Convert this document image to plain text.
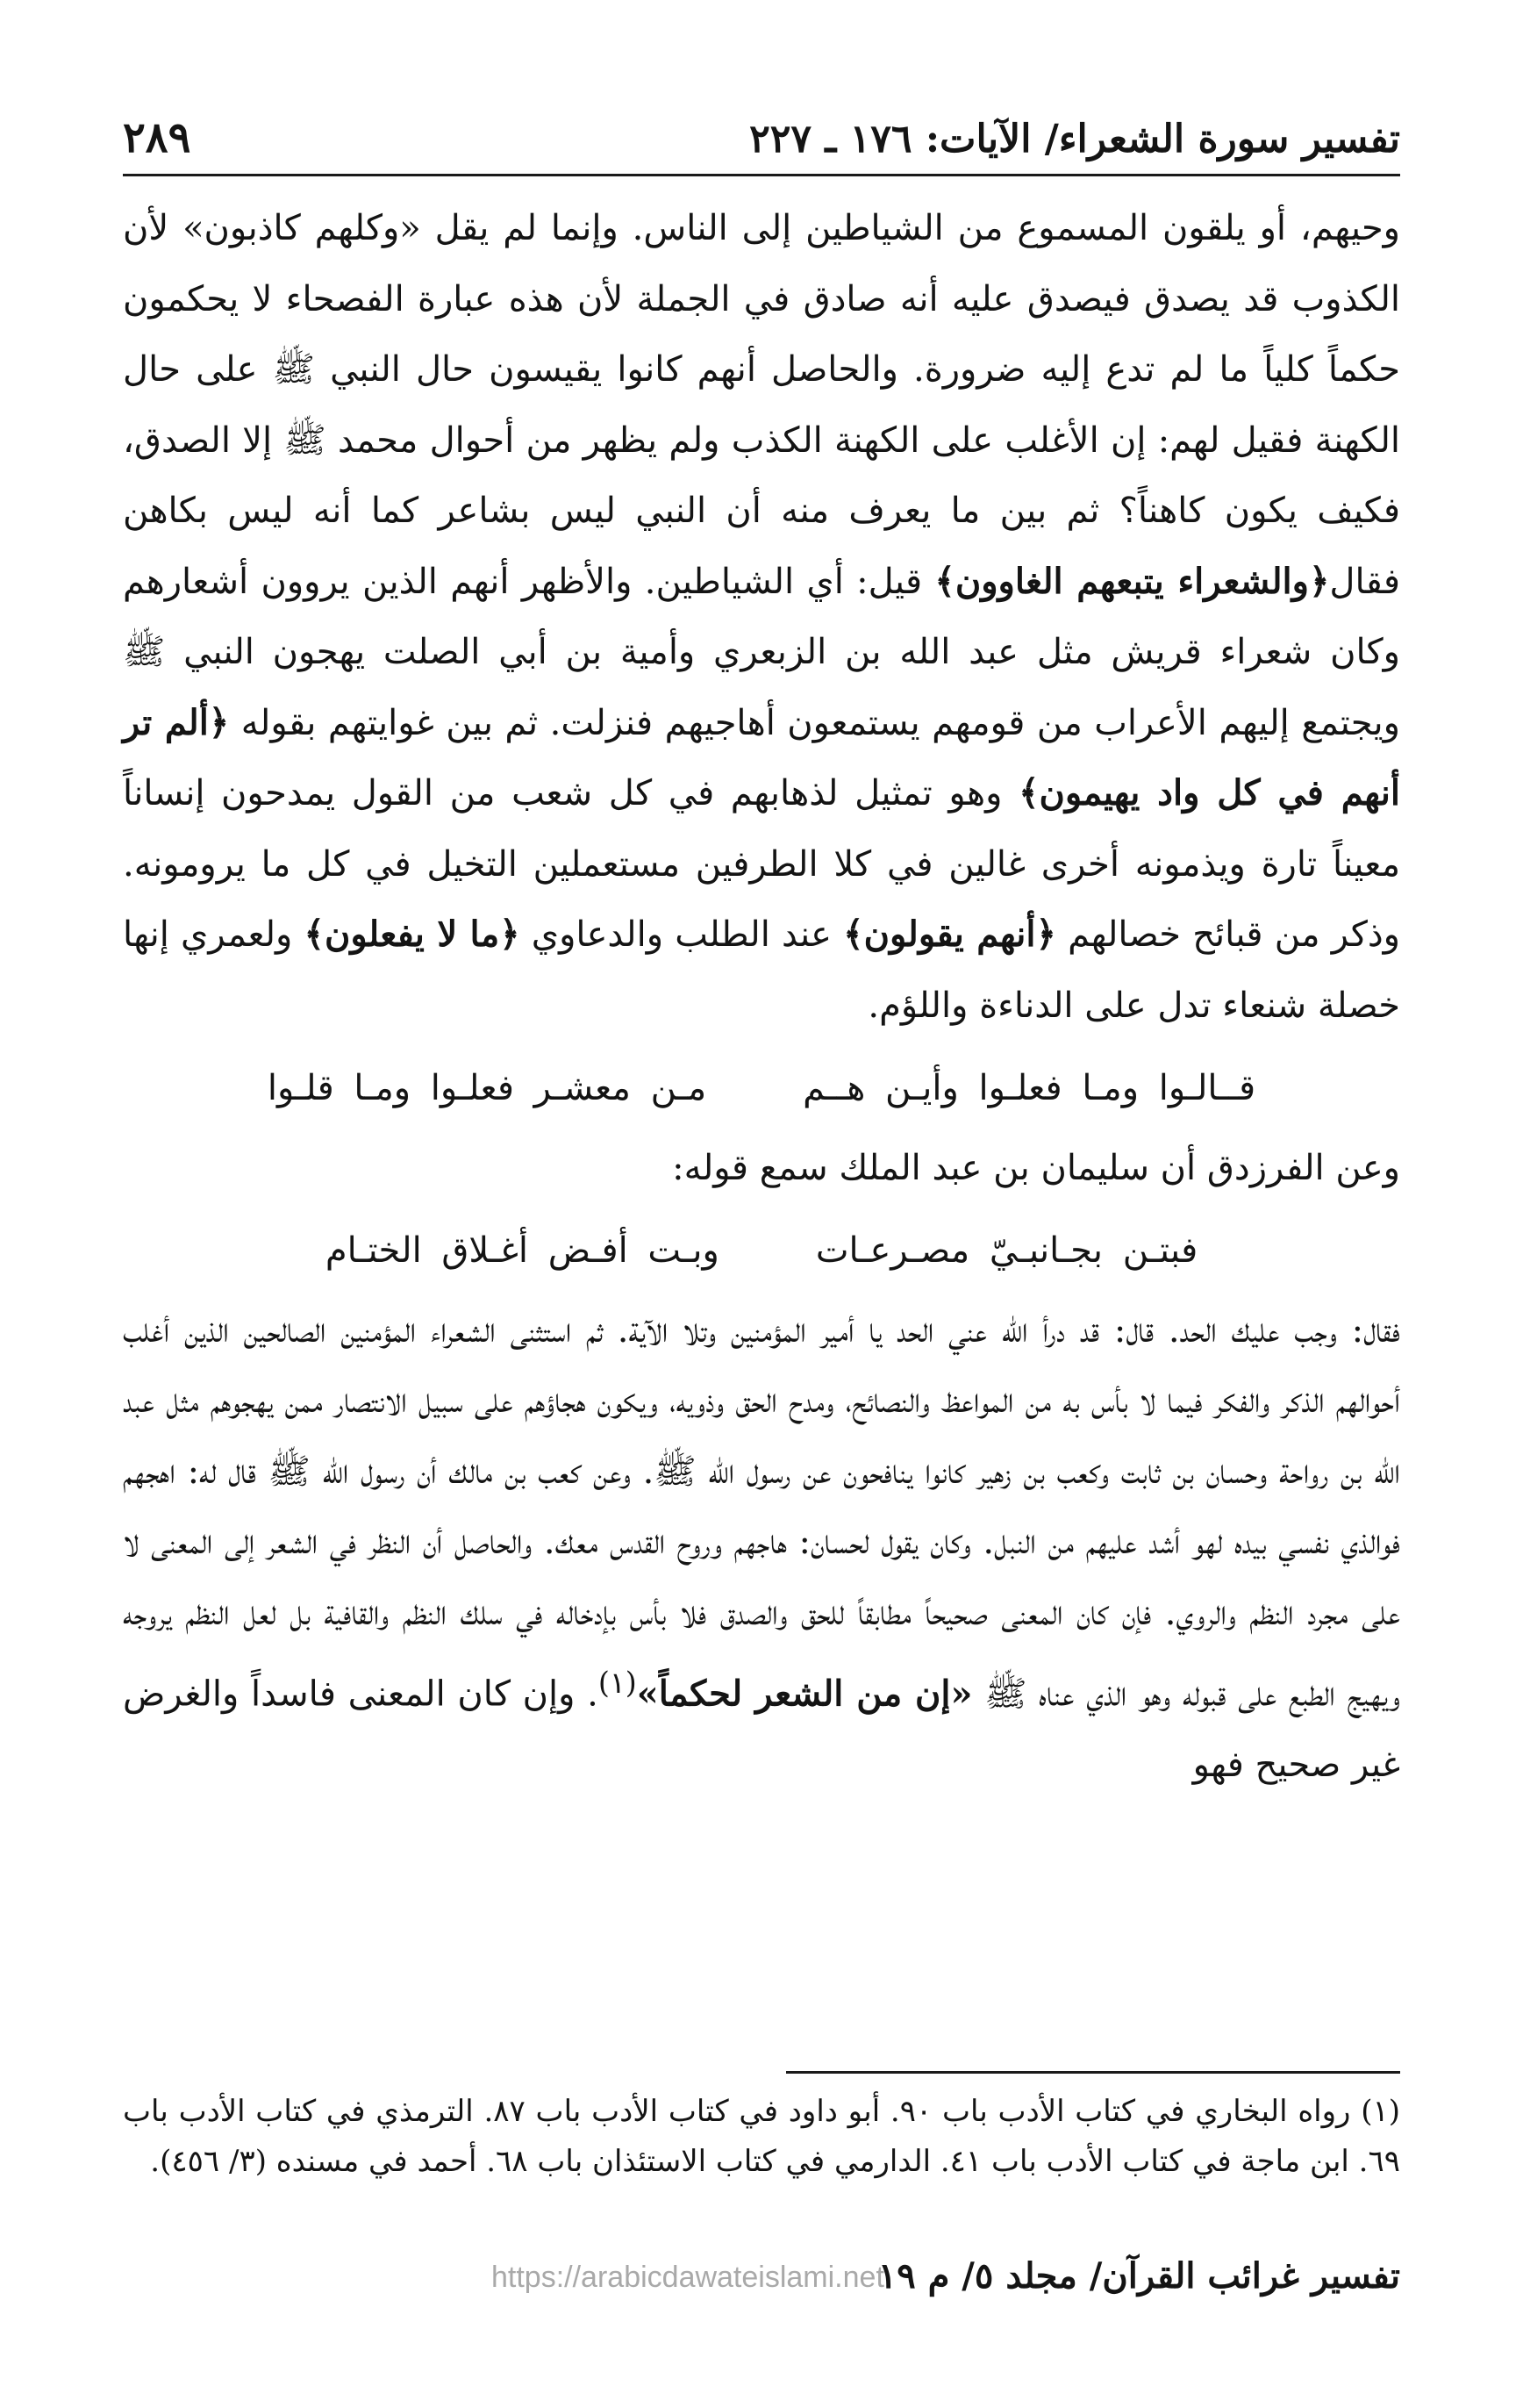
تفسير سورة الشعراء/ الآيات: ١٧٦ ـ ٢٢٧
٢٨٩

وحيهم، أو يلقون المسموع من الشياطين إلى الناس. وإنما لم يقل «وكلهم كاذبون» لأن الكذوب قد يصدق فيصدق عليه أنه صادق في الجملة لأن هذه عبارة الفصحاء لا يحكمون حكماً كلياً ما لم تدع إليه ضرورة. والحاصل أنهم كانوا يقيسون حال النبي ﷺ على حال الكهنة فقيل لهم: إن الأغلب على الكهنة الكذب ولم يظهر من أحوال محمد ﷺ إلا الصدق، فكيف يكون كاهناً؟ ثم بين ما يعرف منه أن النبي ليس بشاعر كما أنه ليس بكاهن فقال﴿والشعراء يتبعهم الغاوون﴾ قيل: أي الشياطين. والأظهر أنهم الذين يروون أشعارهم وكان شعراء قريش مثل عبد الله بن الزبعري وأمية بن أبي الصلت يهجون النبي ﷺ ويجتمع إليهم الأعراب من قومهم يستمعون أهاجيهم فنزلت. ثم بين غوايتهم بقوله ﴿ألم تر أنهم في كل واد يهيمون﴾ وهو تمثيل لذهابهم في كل شعب من القول يمدحون إنساناً معيناً تارة ويذمونه أخرى غالين في كلا الطرفين مستعملين التخيل في كل ما يرومونه. وذكر من قبائح خصالهم ﴿أنهم يقولون﴾ عند الطلب والدعاوي ﴿ما لا يفعلون﴾ ولعمري إنها خصلة شنعاء تدل على الدناءة واللؤم.

قــالـوا ومـا فعلـوا وأيـن هــم
مـن معشـر فعلـوا ومـا قلـوا

وعن الفرزدق أن سليمان بن عبد الملك سمع قوله:

فبتـن بجـانبـيّ مصـرعـات
وبـت أفـض أغـلاق الختـام

فقال: وجب عليك الحد. قال: قد درأ الله عني الحد يا أمير المؤمنين وتلا الآية. ثم استثنى الشعراء المؤمنين الصالحين الذين أغلب أحوالهم الذكر والفكر فيما لا بأس به من المواعظ والنصائح، ومدح الحق وذويه، ويكون هجاؤهم على سبيل الانتصار ممن يهجوهم مثل عبد الله بن رواحة وحسان بن ثابت وكعب بن زهير كانوا ينافحون عن رسول الله ﷺ. وعن كعب بن مالك أن رسول الله ﷺ قال له: اهجهم فوالذي نفسي بيده لهو أشد عليهم من النبل. وكان يقول لحسان: هاجهم وروح القدس معك. والحاصل أن النظر في الشعر إلى المعنى لا على مجرد النظم والروي. فإن كان المعنى صحيحاً مطابقاً للحق والصدق فلا بأس بإدخاله في سلك النظم والقافية بل لعل النظم يروجه ويهيج الطبع على قبوله وهو الذي عناه ﷺ «إن من الشعر لحكماً»$^{(١)}$. وإن كان المعنى فاسداً والغرض غير صحيح فهو

(١) رواه البخاري في كتاب الأدب باب ٩٠. أبو داود في كتاب الأدب باب ٨٧. الترمذي في كتاب الأدب باب ٦٩. ابن ماجة في كتاب الأدب باب ٤١. الدارمي في كتاب الاستئذان باب ٦٨. أحمد في مسنده (٣/ ٤٥٦).

تفسير غرائب القرآن/ مجلد ٥/ م ١٩
https://arabicdawateislami.net
